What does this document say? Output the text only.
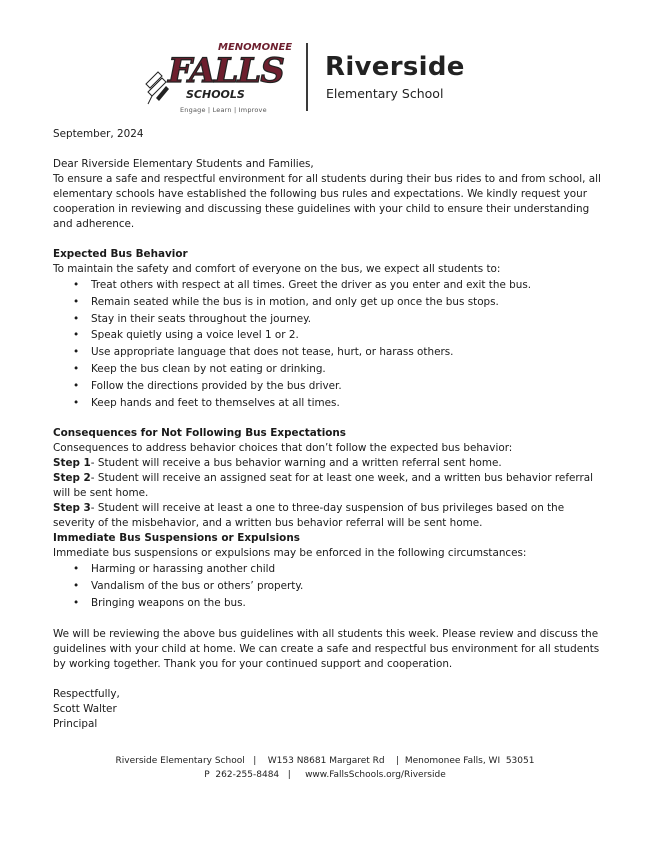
MENOMONEE
FALLS
SCHOOLS
Engage | Learn | Improve
Riverside
Elementary School

September, 2024

Dear Riverside Elementary Students and Families,

To ensure a safe and respectful environment for all students during their bus rides to and from school, all elementary schools have established the following bus rules and expectations. We kindly request your cooperation in reviewing and discussing these guidelines with your child to ensure their understanding and adherence.

Expected Bus Behavior

To maintain the safety and comfort of everyone on the bus, we expect all students to:

• Treat others with respect at all times. Greet the driver as you enter and exit the bus.
• Remain seated while the bus is in motion, and only get up once the bus stops.
• Stay in their seats throughout the journey.
• Speak quietly using a voice level 1 or 2.
• Use appropriate language that does not tease, hurt, or harass others.
• Keep the bus clean by not eating or drinking.
• Follow the directions provided by the bus driver.
• Keep hands and feet to themselves at all times.

Consequences for Not Following Bus Expectations

Consequences to address behavior choices that don’t follow the expected bus behavior:

Step 1- Student will receive a bus behavior warning and a written referral sent home.

Step 2- Student will receive an assigned seat for at least one week, and a written bus behavior referral will be sent home.

Step 3- Student will receive at least a one to three-day suspension of bus privileges based on the severity of the misbehavior, and a written bus behavior referral will be sent home.

Immediate Bus Suspensions or Expulsions

Immediate bus suspensions or expulsions may be enforced in the following circumstances:

• Harming or harassing another child
• Vandalism of the bus or others’ property.
• Bringing weapons on the bus.

We will be reviewing the above bus guidelines with all students this week. Please review and discuss the guidelines with your child at home. We can create a safe and respectful bus environment for all students by working together. Thank you for your continued support and cooperation.

Respectfully,

Scott Walter

Principal

Riverside Elementary School   |    W153 N8681 Margaret Rd    |  Menomonee Falls, WI  53051
P  262-255-8484   |     www.FallsSchools.org/Riverside
